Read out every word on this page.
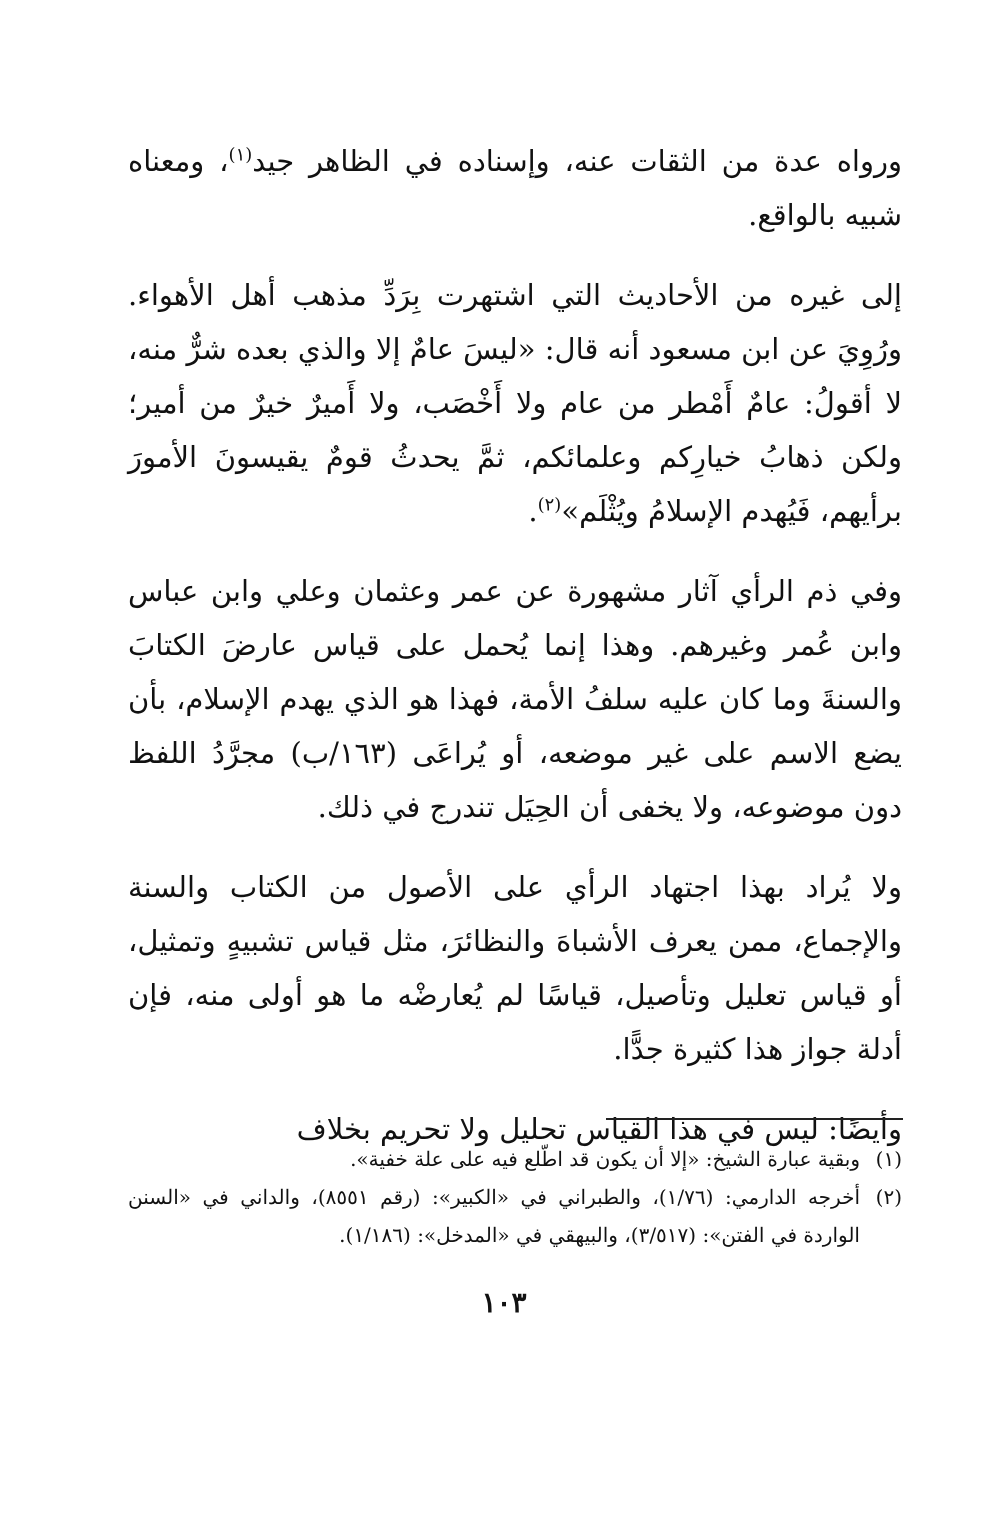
ورواه عدة من الثقات عنه، وإسناده في الظاهر جيد$^{(١)}$، ومعناه شبيه بالواقع.

إلى غيره من الأحاديث التي اشتهرت بِرَدِّ مذهب أهل الأهواء. ورُوِيَ عن ابن مسعود أنه قال: «ليسَ عامٌ إلا والذي بعده شرٌّ منه، لا أقولُ: عامٌ أَمْطر من عام ولا أَخْصَب، ولا أَميرٌ خيرٌ من أمير؛ ولكن ذهابُ خيارِكم وعلمائكم، ثمَّ يحدثُ قومٌ يقيسونَ الأمورَ برأيهم، فَيُهدم الإسلامُ ويُثْلَم»$^{(٢)}$.

وفي ذم الرأي آثار مشهورة عن عمر وعثمان وعلي وابن عباس وابن عُمر وغيرهم. وهذا إنما يُحمل على قياس عارضَ الكتابَ والسنةَ وما كان عليه سلفُ الأمة، فهذا هو الذي يهدم الإسلام، بأن يضع الاسم على غير موضعه، أو يُراعَى (١٦٣/ب) مجرَّدُ اللفظ دون موضوعه، ولا يخفى أن الحِيَل تندرج في ذلك.

ولا يُراد بهذا اجتهاد الرأي على الأصول من الكتاب والسنة والإجماع، ممن يعرف الأشباهَ والنظائرَ، مثل قياس تشبيهٍ وتمثيل، أو قياس تعليل وتأصيل، قياسًا لم يُعارضْه ما هو أولى منه، فإن أدلة جواز هذا كثيرة جدًّا.

وأيضًا: ليس في هذا القياس تحليل ولا تحريم بخلاف

(١)
وبقية عبارة الشيخ: «إلا أن يكون قد اطّلع فيه على علة خفية».
(٢)
أخرجه الدارمي: (١/٧٦)، والطبراني في «الكبير»: (رقم ٨٥٥١)، والداني في «السنن الواردة في الفتن»: (٣/٥١٧)، والبيهقي في «المدخل»: (١/١٨٦).
١٠٣
